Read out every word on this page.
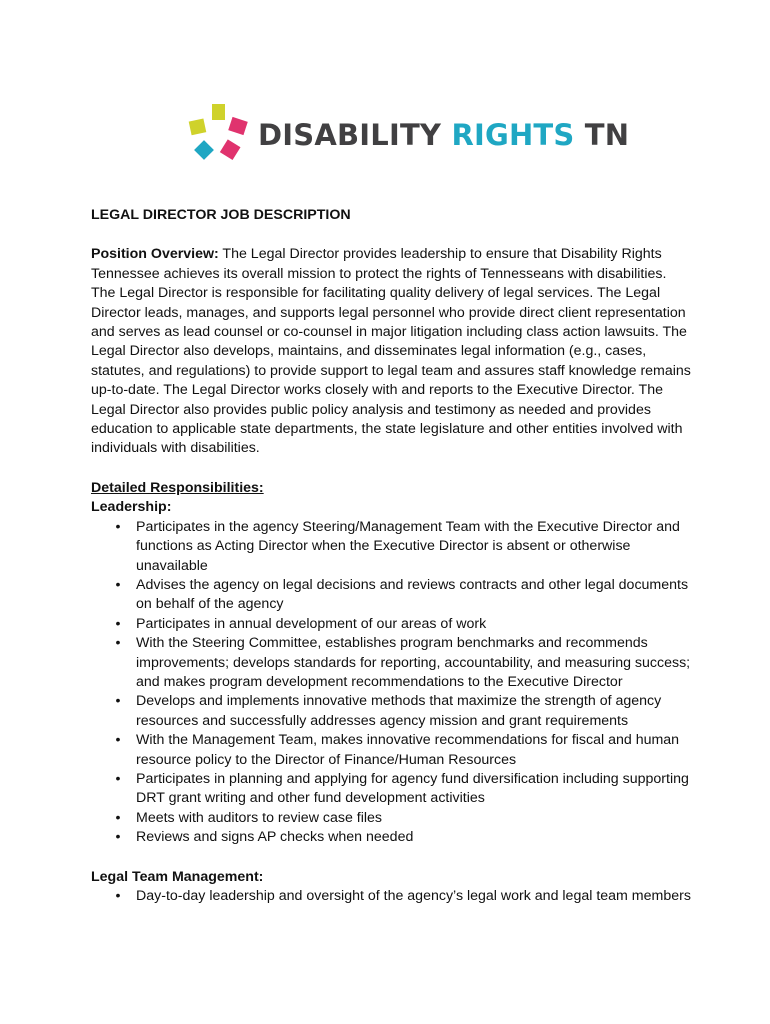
DISABILITY RIGHTS TN

LEGAL DIRECTOR JOB DESCRIPTION

Position Overview: The Legal Director provides leadership to ensure that Disability Rights Tennessee achieves its overall mission to protect the rights of Tennesseans with disabilities. The Legal Director is responsible for facilitating quality delivery of legal services. The Legal Director leads, manages, and supports legal personnel who provide direct client representation and serves as lead counsel or co-counsel in major litigation including class action lawsuits. The Legal Director also develops, maintains, and disseminates legal information (e.g., cases, statutes, and regulations) to provide support to legal team and assures staff knowledge remains up-to-date. The Legal Director works closely with and reports to the Executive Director. The Legal Director also provides public policy analysis and testimony as needed and provides education to applicable state departments, the state legislature and other entities involved with individuals with disabilities.

Detailed Responsibilities:

Leadership:

• Participates in the agency Steering/Management Team with the Executive Director and functions as Acting Director when the Executive Director is absent or otherwise unavailable
• Advises the agency on legal decisions and reviews contracts and other legal documents on behalf of the agency
• Participates in annual development of our areas of work
• With the Steering Committee, establishes program benchmarks and recommends improvements; develops standards for reporting, accountability, and measuring success; and makes program development recommendations to the Executive Director
• Develops and implements innovative methods that maximize the strength of agency resources and successfully addresses agency mission and grant requirements
• With the Management Team, makes innovative recommendations for fiscal and human resource policy to the Director of Finance/Human Resources
• Participates in planning and applying for agency fund diversification including supporting DRT grant writing and other fund development activities
• Meets with auditors to review case files
• Reviews and signs AP checks when needed

Legal Team Management:

• Day-to-day leadership and oversight of the agency’s legal work and legal team members
